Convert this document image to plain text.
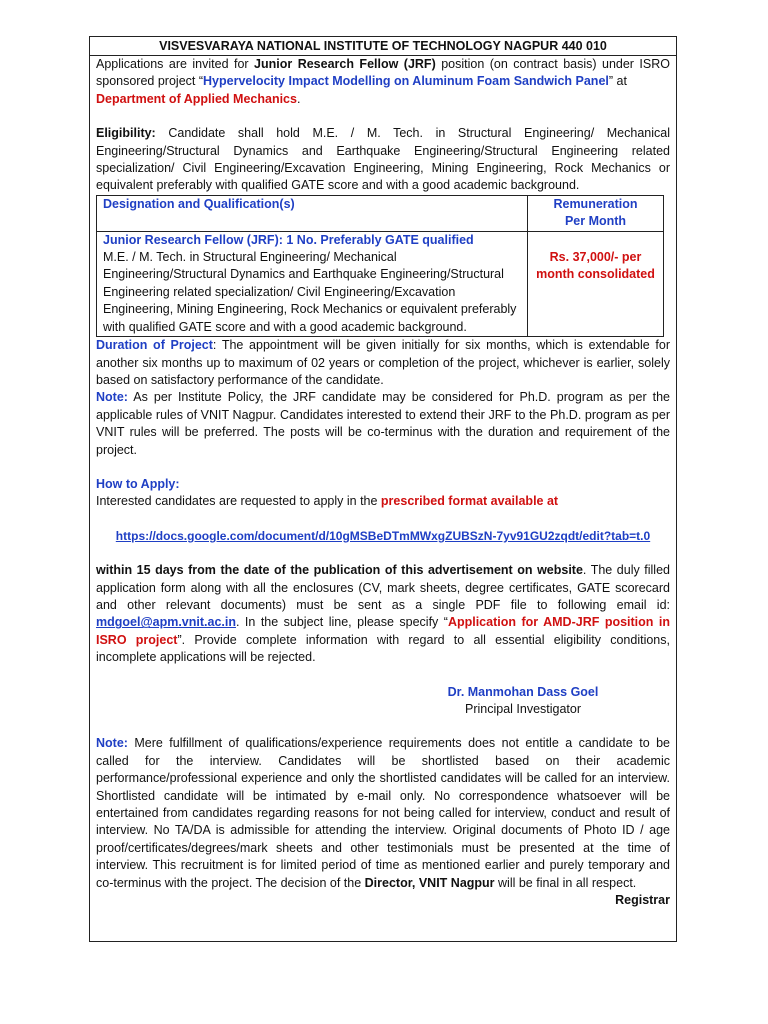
VISVESVARAYA NATIONAL INSTITUTE OF TECHNOLOGY NAGPUR 440 010

Applications are invited for Junior Research Fellow (JRF) position (on contract basis) under ISRO sponsored project “Hypervelocity Impact Modelling on Aluminum Foam Sandwich Panel” at
Department of Applied Mechanics.

Eligibility: Candidate shall hold M.E. / M. Tech. in Structural Engineering/ Mechanical Engineering/Structural Dynamics and Earthquake Engineering/Structural Engineering related specialization/ Civil Engineering/Excavation Engineering, Mining Engineering, Rock Mechanics or equivalent preferably with qualified GATE score and with a good academic background.

Designation and Qualification(s)	Remuneration
Per Month
Junior Research Fellow (JRF): 1 No. Preferably GATE qualified
M.E. / M. Tech. in Structural Engineering/ Mechanical Engineering/Structural Dynamics and Earthquake Engineering/Structural Engineering related specialization/ Civil Engineering/Excavation Engineering, Mining Engineering, Rock Mechanics or equivalent preferably with qualified GATE score and with a good academic background.	Rs. 37,000/- per month consolidated

Duration of Project: The appointment will be given initially for six months, which is extendable for another six months up to maximum of 02 years or completion of the project, whichever is earlier, solely based on satisfactory performance of the candidate.

Note: As per Institute Policy, the JRF candidate may be considered for Ph.D. program as per the applicable rules of VNIT Nagpur. Candidates interested to extend their JRF to the Ph.D. program as per VNIT rules will be preferred. The posts will be co-terminus with the duration and requirement of the project.

How to Apply:

Interested candidates are requested to apply in the prescribed format available at

https://docs.google.com/document/d/10gMSBeDTmMWxgZUBSzN-7yv91GU2zqdt/edit?tab=t.0

within 15 days from the date of the publication of this advertisement on website. The duly filled application form along with all the enclosures (CV, mark sheets, degree certificates, GATE scorecard and other relevant documents) must be sent as a single PDF file to following email id: mdgoel@apm.vnit.ac.in. In the subject line, please specify “Application for AMD-JRF position in ISRO project”. Provide complete information with regard to all essential eligibility conditions, incomplete applications will be rejected.

Dr. Manmohan Dass Goel

Principal Investigator

Note: Mere fulfillment of qualifications/experience requirements does not entitle a candidate to be called for the interview. Candidates will be shortlisted based on their academic performance/professional experience and only the shortlisted candidates will be called for an interview. Shortlisted candidate will be intimated by e-mail only. No correspondence whatsoever will be entertained from candidates regarding reasons for not being called for interview, conduct and result of interview. No TA/DA is admissible for attending the interview. Original documents of Photo ID / age proof/certificates/degrees/mark sheets and other testimonials must be presented at the time of interview. This recruitment is for limited period of time as mentioned earlier and purely temporary and co-terminus with the project. The decision of the Director, VNIT Nagpur will be final in all respect.

Registrar
